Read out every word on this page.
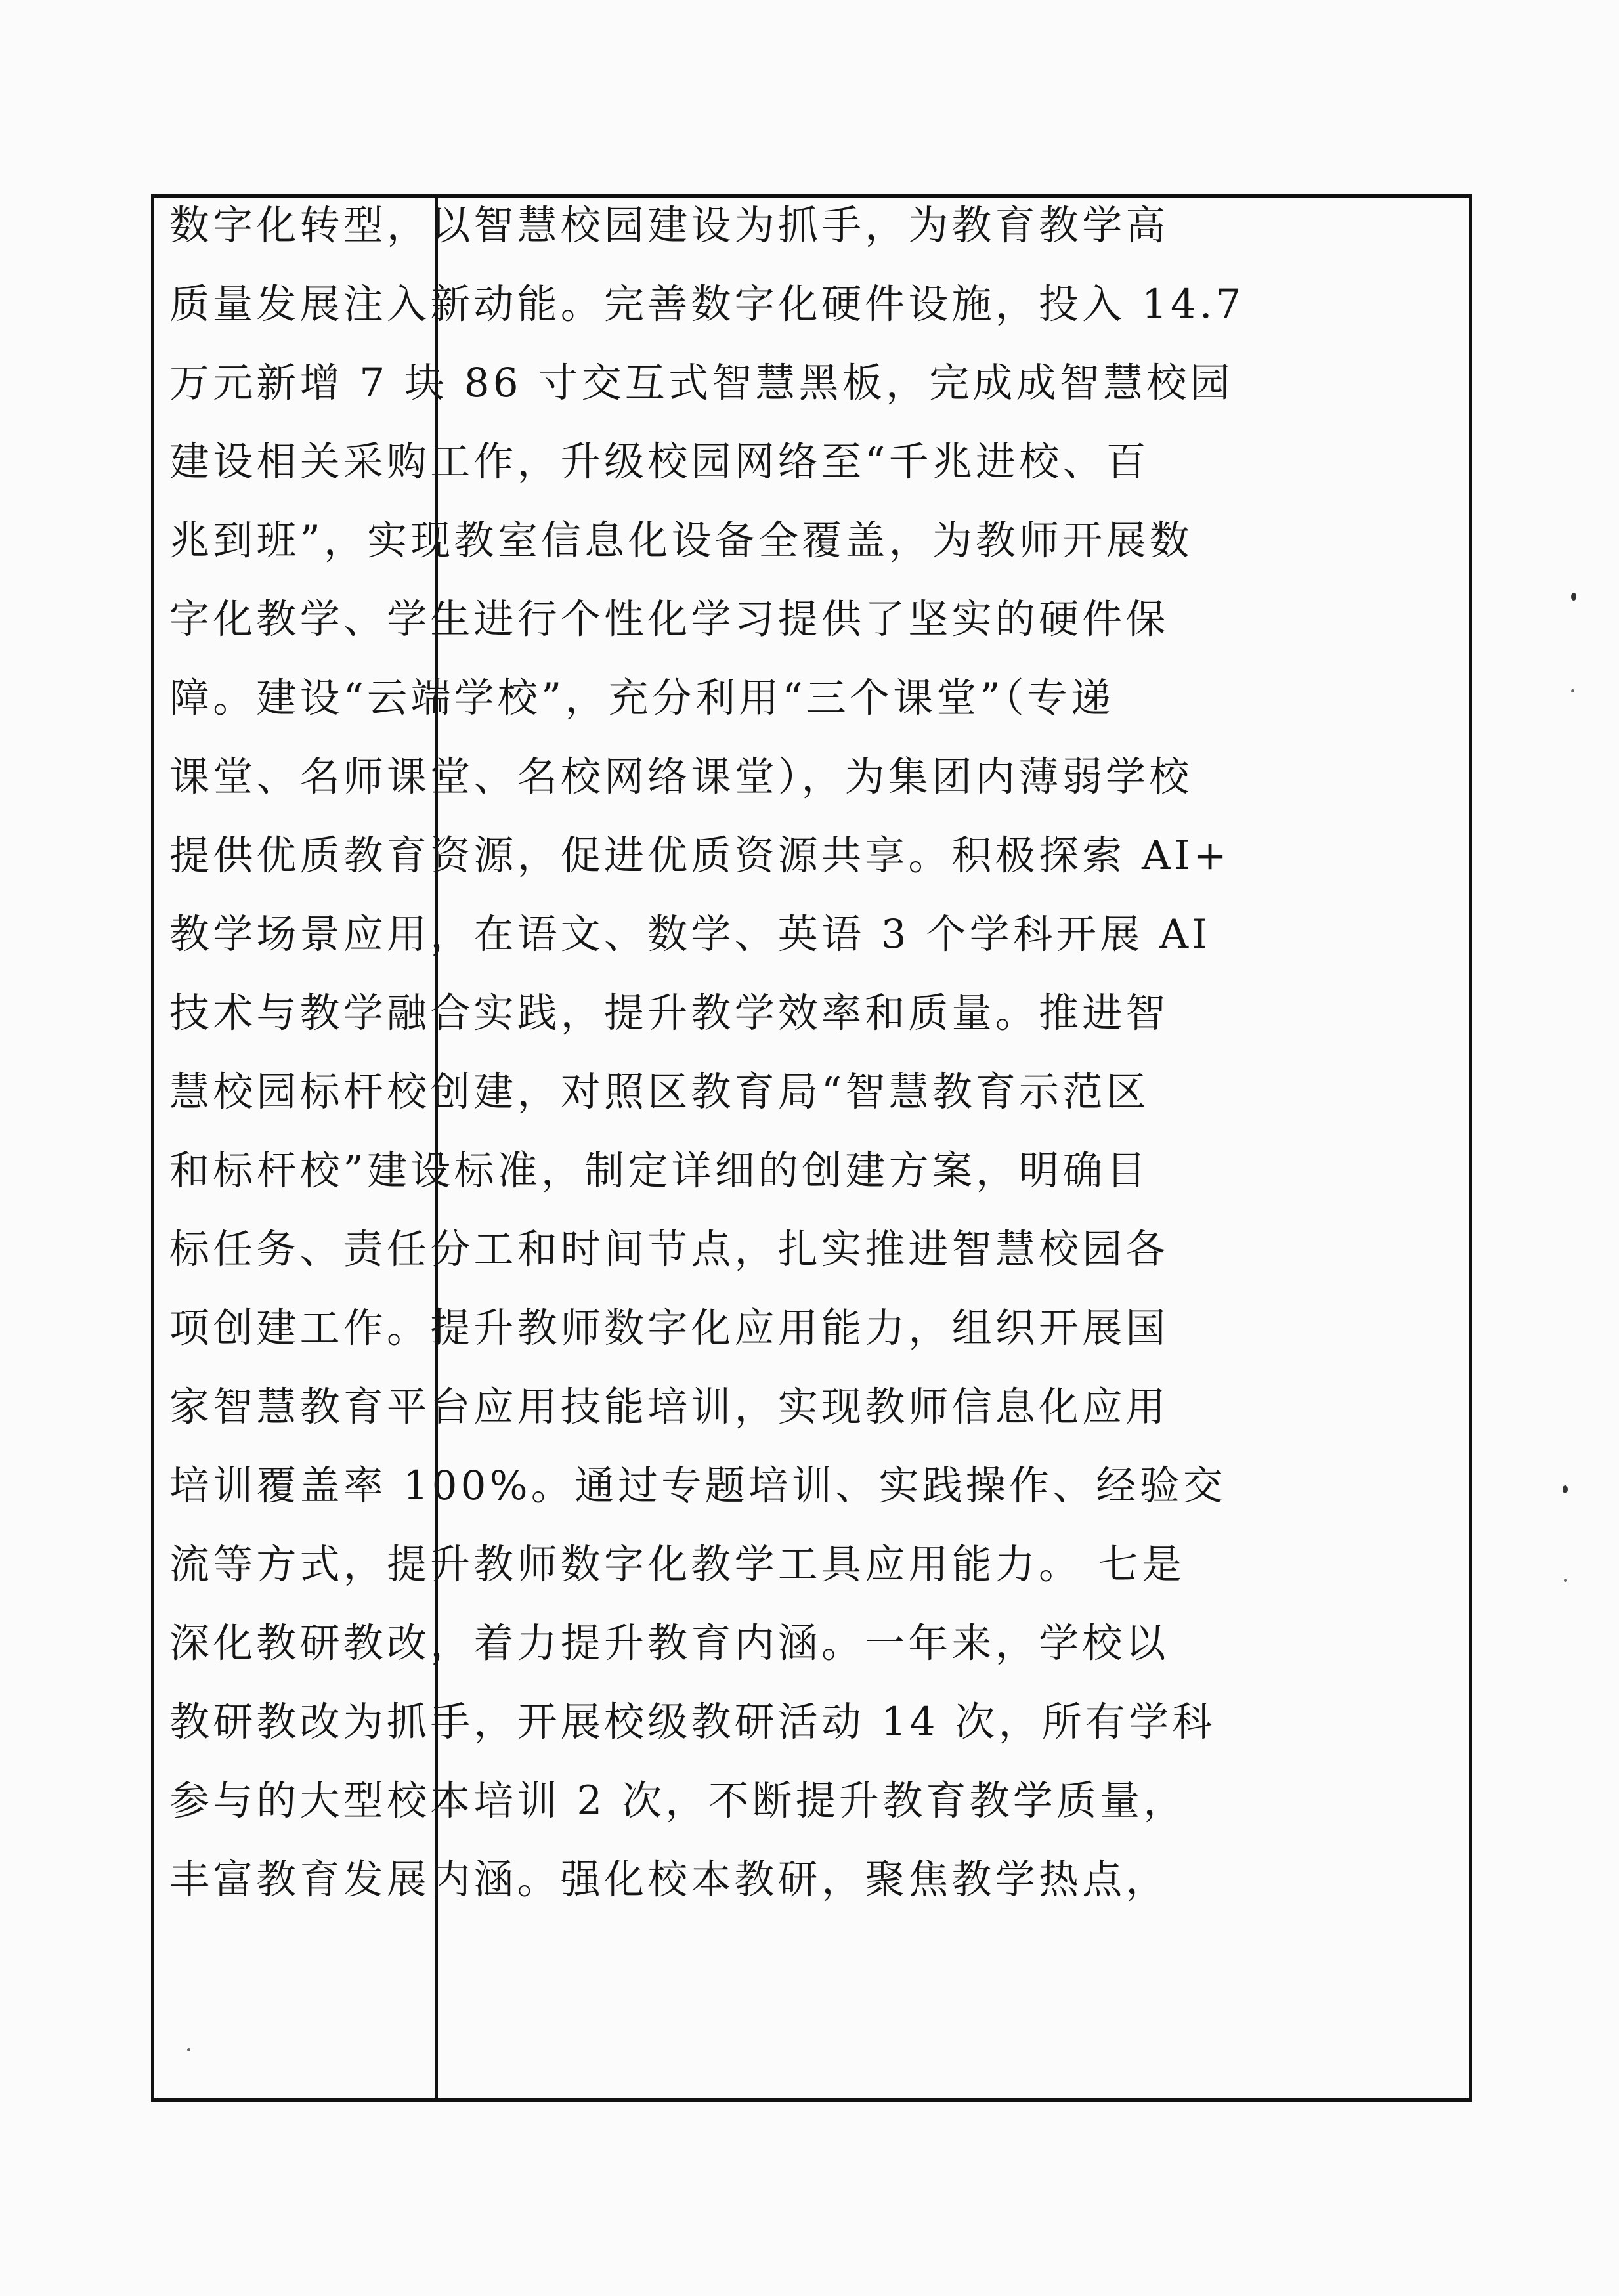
数字化转型，以智慧校园建设为抓手，为教育教学高
质量发展注入新动能。完善数字化硬件设施，投入 14.7
万元新增 7 块 86 寸交互式智慧黑板，完成成智慧校园
建设相关采购工作，升级校园网络至“千兆进校、百
兆到班”，实现教室信息化设备全覆盖，为教师开展数
字化教学、学生进行个性化学习提供了坚实的硬件保
障。建设“云端学校”，充分利用“三个课堂”（专递
课堂、名师课堂、名校网络课堂），为集团内薄弱学校
提供优质教育资源，促进优质资源共享。积极探索 AI+
教学场景应用，在语文、数学、英语 3 个学科开展 AI
技术与教学融合实践，提升教学效率和质量。推进智
慧校园标杆校创建，对照区教育局“智慧教育示范区
和标杆校”建设标准，制定详细的创建方案，明确目
标任务、责任分工和时间节点，扎实推进智慧校园各
项创建工作。提升教师数字化应用能力，组织开展国
家智慧教育平台应用技能培训，实现教师信息化应用
培训覆盖率 100%。通过专题培训、实践操作、经验交
流等方式，提升教师数字化教学工具应用能力。 七是
深化教研教改，着力提升教育内涵。一年来，学校以
教研教改为抓手，开展校级教研活动 14 次，所有学科
参与的大型校本培训 2 次，不断提升教育教学质量，
丰富教育发展内涵。强化校本教研，聚焦教学热点，
